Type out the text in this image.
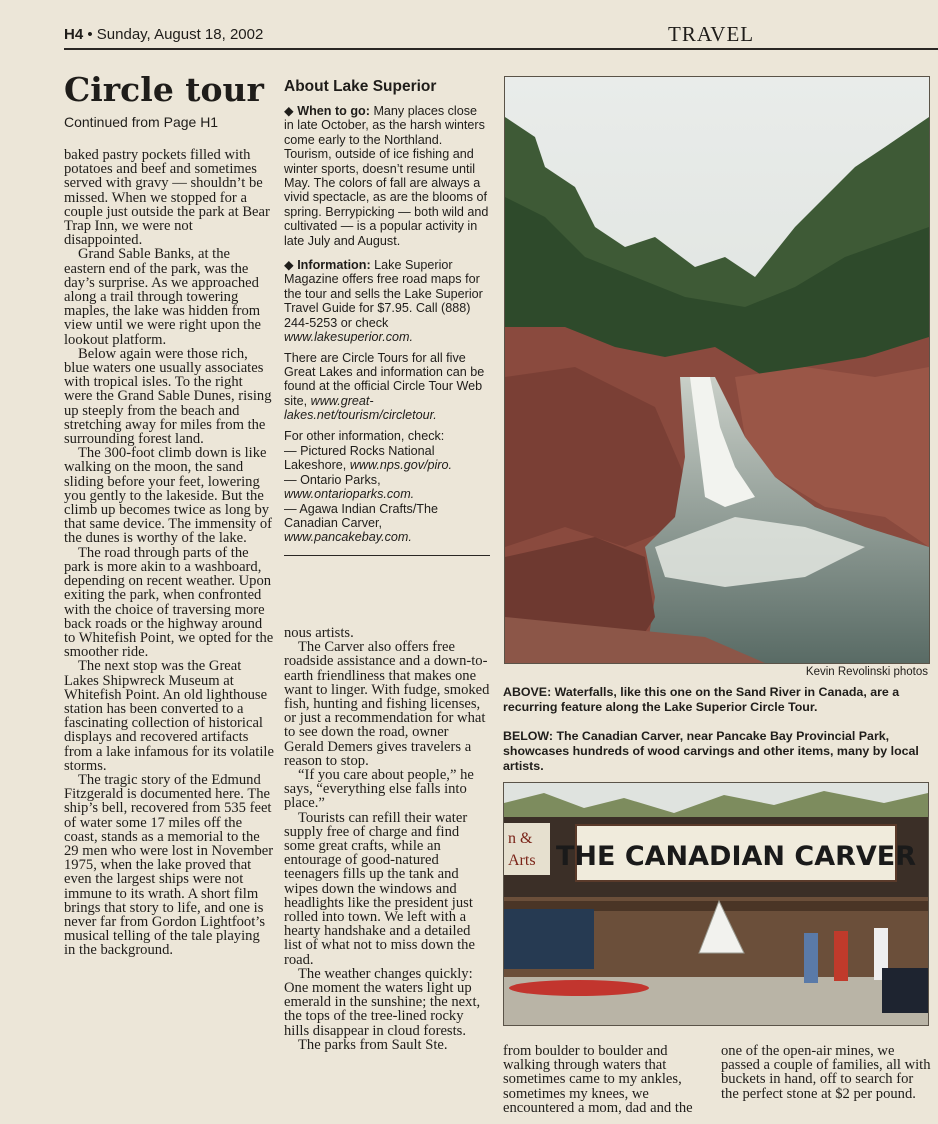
H4 • Sunday, August 18, 2002	TRAVEL
Circle tour
Continued from Page H1

baked pastry pockets filled with potatoes and beef and sometimes served with gravy — shouldn’t be missed. When we stopped for a couple just outside the park at Bear Trap Inn, we were not disappointed.

Grand Sable Banks, at the eastern end of the park, was the day’s surprise. As we approached along a trail through towering maples, the lake was hidden from view until we were right upon the lookout platform.

Below again were those rich, blue waters one usually associates with tropical isles. To the right were the Grand Sable Dunes, rising up steeply from the beach and stretching away for miles from the surrounding forest land.

The 300-foot climb down is like walking on the moon, the sand sliding before your feet, lowering you gently to the lakeside. But the climb up becomes twice as long by that same device. The immensity of the dunes is worthy of the lake.

The road through parts of the park is more akin to a washboard, depending on recent weather. Upon exiting the park, when confronted with the choice of traversing more back roads or the highway around to Whitefish Point, we opted for the smoother ride.

The next stop was the Great Lakes Shipwreck Museum at Whitefish Point. An old lighthouse station has been converted to a fascinating collection of historical displays and recovered artifacts from a lake infamous for its volatile storms.

The tragic story of the Edmund Fitzgerald is documented here. The ship’s bell, recovered from 535 feet of water some 17 miles off the coast, stands as a memorial to the 29 men who were lost in November 1975, when the lake proved that even the largest ships were not immune to its wrath. A short film brings that story to life, and one is never far from Gordon Lightfoot’s musical telling of the tale playing in the background.

About Lake Superior

◆ When to go: Many places close in late October, as the harsh winters come early to the Northland. Tourism, outside of ice fishing and winter sports, doesn’t resume until May. The colors of fall are always a vivid spectacle, as are the blooms of spring. Berrypicking — both wild and cultivated — is a popular activity in late July and August.

◆ Information: Lake Superior Magazine offers free road maps for the tour and sells the Lake Superior Travel Guide for $7.95. Call (888) 244-5253 or check www.lakesuperior.com.

There are Circle Tours for all five Great Lakes and information can be found at the official Circle Tour Web site, www.great-lakes.net/tourism/circletour.

For other information, check:

— Pictured Rocks National Lakeshore, www.nps.gov/piro.

— Ontario Parks, www.ontarioparks.com.

— Agawa Indian Crafts/The Canadian Carver, www.pancakebay.com.

nous artists.

The Carver also offers free roadside assistance and a down-to-earth friendliness that makes one want to linger. With fudge, smoked fish, hunting and fishing licenses, or just a recommendation for what to see down the road, owner Gerald Demers gives travelers a reason to stop.

“If you care about people,” he says, “everything else falls into place.”

Tourists can refill their water supply free of charge and find some great crafts, while an entourage of good-natured teenagers fills up the tank and wipes down the windows and headlights like the president just rolled into town. We left with a hearty handshake and a detailed list of what not to miss down the road.

The weather changes quickly: One moment the waters light up emerald in the sunshine; the next, the tops of the tree-lined rocky hills disappear in cloud forests.

The parks from Sault Ste.

Kevin Revolinski photos
ABOVE: Waterfalls, like this one on the Sand River in Canada, are a recurring feature along the Lake Superior Circle Tour.
BELOW: The Canadian Carver, near Pancake Bay Provincial Park, showcases hundreds of wood carvings and other items, many by local artists.
n &
Arts THE CANADIAN CARVER

from boulder to boulder and walking through waters that sometimes came to my ankles, sometimes my knees, we encountered a mom, dad and the

one of the open-air mines, we passed a couple of families, all with buckets in hand, off to search for the perfect stone at $2 per pound.
